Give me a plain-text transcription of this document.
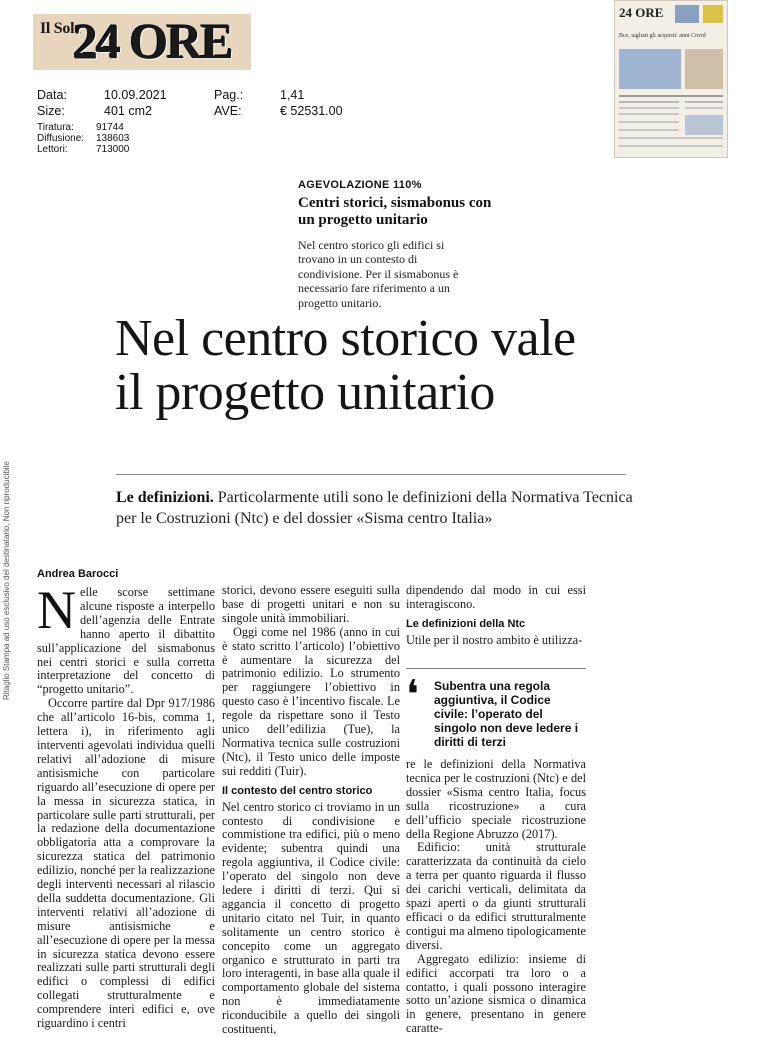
Il Sole
24 ORE
Data:	10.09.2021	Pag.:	1,41
Size:	401 cm2	AVE:	€ 52531.00
Tiratura: 91744
Diffusione: 138603
Lettori:	713000
24 ORE
Bce, tagliati gli acquisti: anni Covid
Ritaglio Stampa ad uso esclusivo del destinatario, Non riproducibile
AGEVOLAZIONE 110%
Centri storici, sismabonus con un progetto unitario
Nel centro storico gli edifici si trovano in un contesto di condivisione. Per il sismabonus è necessario fare riferimento a un progetto unitario.
Nel centro storico vale
il progetto unitario
Le definizioni. Particolarmente utili sono le definizioni della Normativa Tecnica per le Costruzioni (Ntc) e del dossier «Sisma centro Italia»
Andrea Barocci

Nelle scorse settimane alcune risposte a interpello dell’agenzia delle Entrate hanno aperto il dibattito sull’applicazione del sismabonus nei centri storici e sulla corretta interpretazione del concetto di “progetto unitario”.

Occorre partire dal Dpr 917/1986 che all’articolo 16-bis, comma 1, lettera i), in riferimento agli interventi agevolati individua quelli relativi all’adozione di misure antisismiche con particolare riguardo all’esecuzione di opere per la messa in sicurezza statica, in particolare sulle parti strutturali, per la redazione della documentazione obbligatoria atta a comprovare la sicurezza statica del patrimonio edilizio, nonché per la realizzazione degli interventi necessari al rilascio della suddetta documentazione. Gli interventi relativi all’adozione di misure antisismiche e all’esecuzione di opere per la messa in sicurezza statica devono essere realizzati sulle parti strutturali degli edifici o complessi di edifici collegati strutturalmente e comprendere interi edifici e, ove riguardino i centri

storici, devono essere eseguiti sulla base di progetti unitari e non su singole unità immobiliari.

Oggi come nel 1986 (anno in cui è stato scritto l’articolo) l’obiettivo è aumentare la sicurezza del patrimonio edilizio. Lo strumento per raggiungere l’obiettivo in questo caso è l’incentivo fiscale. Le regole da rispettare sono il Testo unico dell’edilizia (Tue), la Normativa tecnica sulle costruzioni (Ntc), il Testo unico delle imposte sui redditi (Tuir).

Il contesto del centro storico

Nel centro storico ci troviamo in un contesto di condivisione e commistione tra edifici, più o meno evidente; subentra quindi una regola aggiuntiva, il Codice civile: l’operato del singolo non deve ledere i diritti di terzi. Qui si aggancia il concetto di progetto unitario citato nel Tuir, in quanto solitamente un centro storico è concepito come un aggregato organico e strutturato in parti tra loro interagenti, in base alla quale il comportamento globale del sistema non è immediatamente riconducibile a quello dei singoli costituenti,

dipendendo dal modo in cui essi interagiscono.

Le definizioni della Ntc

Utile per il nostro ambito è utilizza-

❛ Subentra una regola aggiuntiva, il Codice civile: l’operato del singolo non deve ledere i diritti di terzi

re le definizioni della Normativa tecnica per le costruzioni (Ntc) e del dossier «Sisma centro Italia, focus sulla ricostruzione» a cura dell’ufficio speciale ricostruzione della Regione Abruzzo (2017).

Edificio: unità strutturale caratterizzata da continuità da cielo a terra per quanto riguarda il flusso dei carichi verticali, delimitata da spazi aperti o da giunti strutturali efficaci o da edifici strutturalmente contigui ma almeno tipologicamente diversi.

Aggregato edilizio: insieme di edifici accorpati tra loro o a contatto, i quali possono interagire sotto un’azione sismica o dinamica in genere, presentano in genere caratte-
